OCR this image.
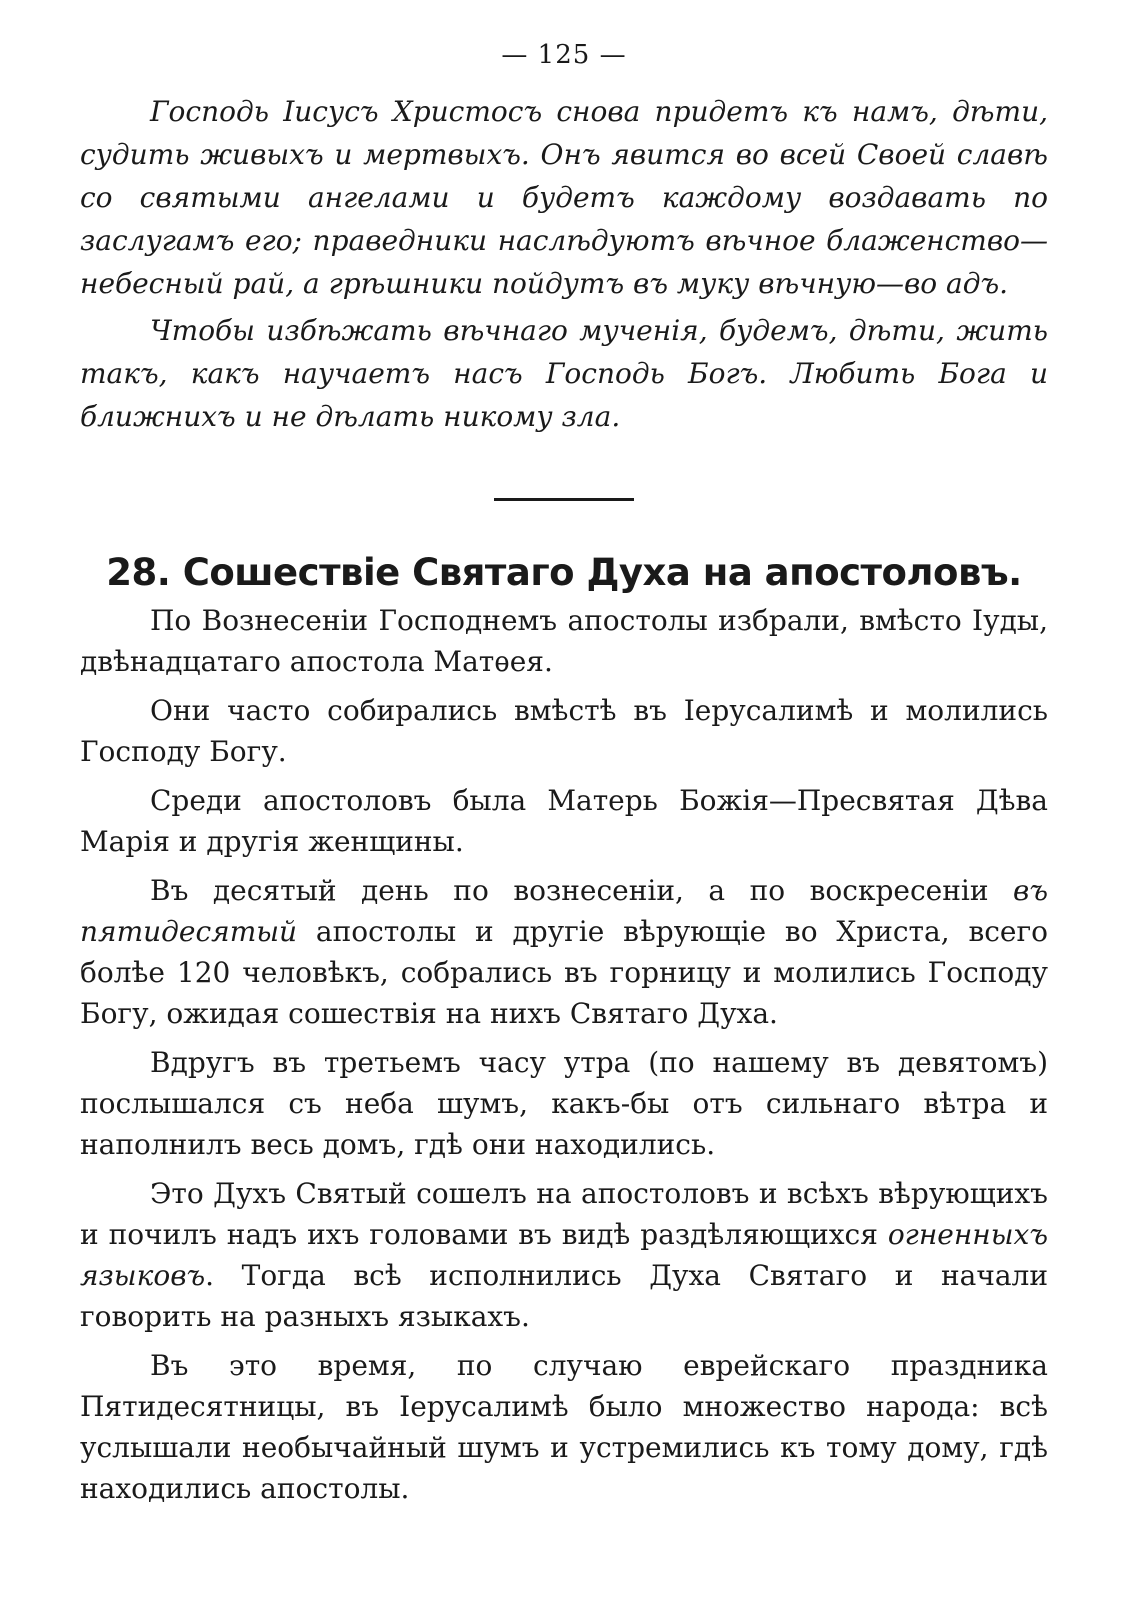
— 125 —

Господь Іисусъ Христосъ снова придетъ къ намъ, дѣти, судить живыхъ и мертвыхъ. Онъ явится во всей Своей славѣ со святыми ангелами и будетъ каждому воздавать по заслугамъ его; праведники наслѣдуютъ вѣчное блаженство—небесный рай, а грѣшники пойдутъ въ муку вѣчную—во адъ.

Чтобы избѣжать вѣчнаго мученія, будемъ, дѣти, жить такъ, какъ научаетъ насъ Господь Богъ. Любить Бога и ближнихъ и не дѣлать никому зла.

28. Сошествіе Святаго Духа на апостоловъ.

По Вознесеніи Господнемъ апостолы избрали, вмѣсто Іуды, двѣнадцатаго апостола Матѳея.

Они часто собирались вмѣстѣ въ Іерусалимѣ и молились Господу Богу.

Среди апостоловъ была Матерь Божія—Пресвятая Дѣва Марія и другія женщины.

Въ десятый день по вознесеніи, а по воскресеніи въ пятидесятый апостолы и другіе вѣрующіе во Христа, всего болѣе 120 человѣкъ, собрались въ горницу и молились Господу Богу, ожидая сошествія на нихъ Святаго Духа.

Вдругъ въ третьемъ часу утра (по нашему въ девятомъ) послышался съ неба шумъ, какъ-бы отъ сильнаго вѣтра и наполнилъ весь домъ, гдѣ они находились.

Это Духъ Святый сошелъ на апостоловъ и всѣхъ вѣрующихъ и почилъ надъ ихъ головами въ видѣ раздѣляющихся огненныхъ языковъ. Тогда всѣ исполнились Духа Святаго и начали говорить на разныхъ языкахъ.

Въ это время, по случаю еврейскаго праздника Пятидесятницы, въ Іерусалимѣ было множество народа: всѣ услышали необычайный шумъ и устремились къ тому дому, гдѣ находились апостолы.
